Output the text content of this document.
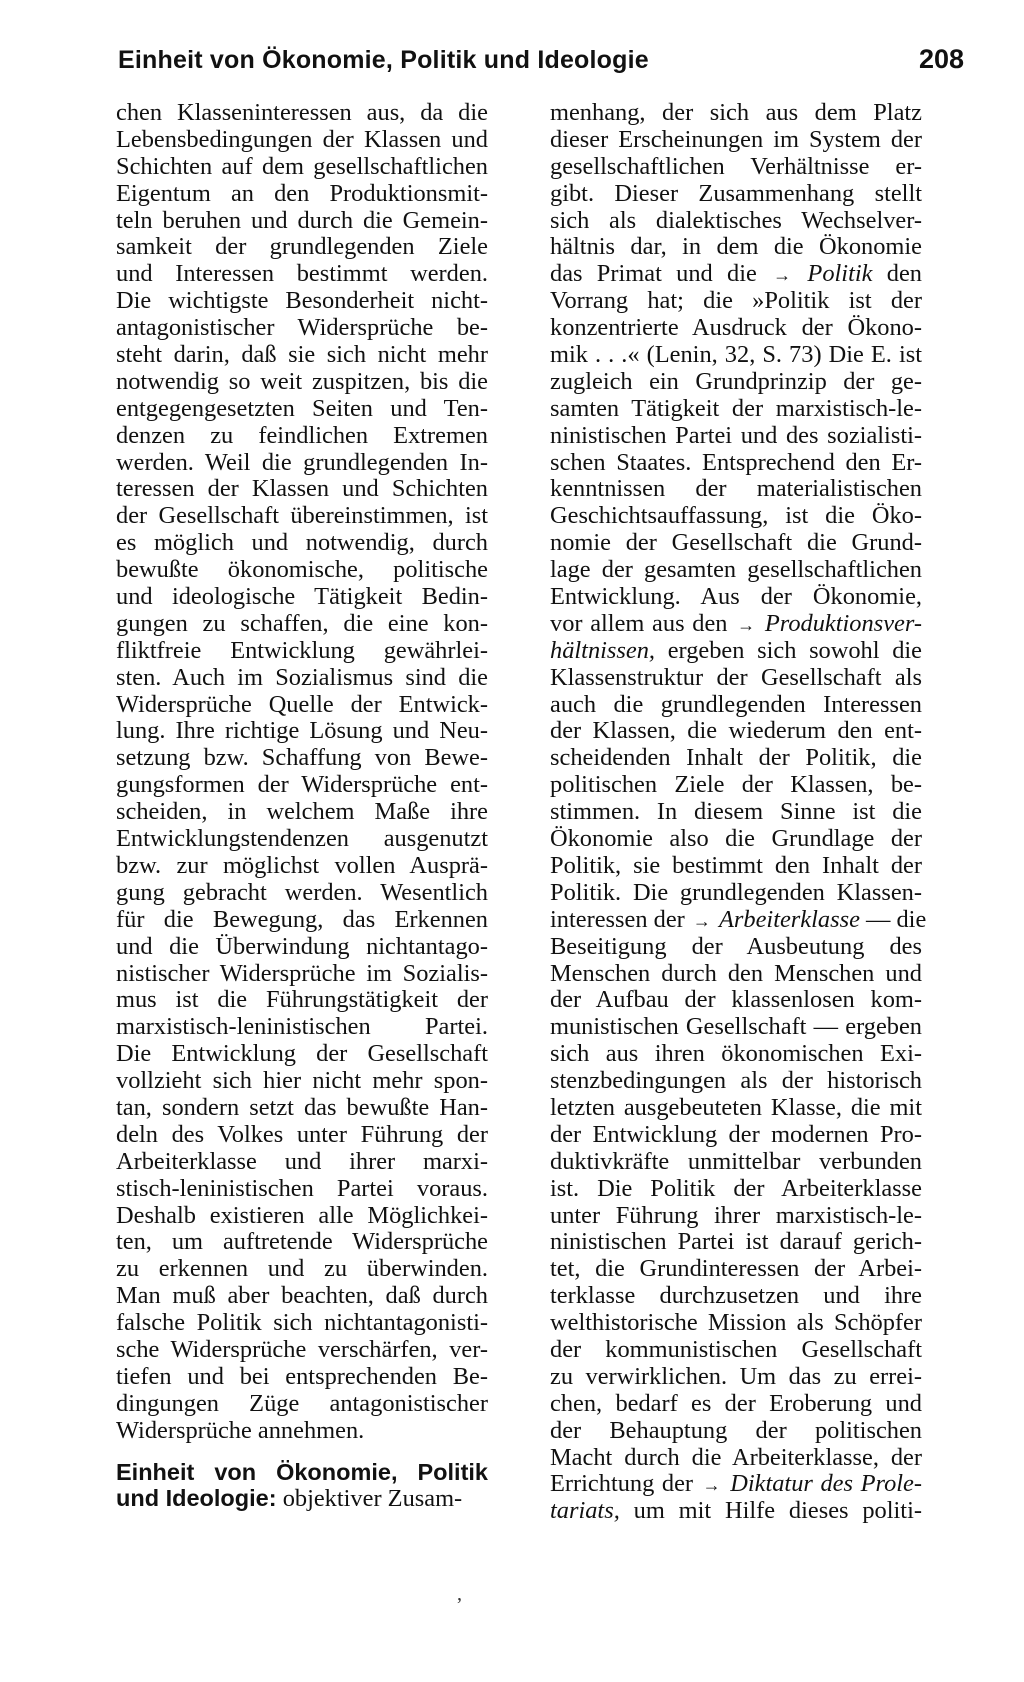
Einheit von Ökonomie, Politik und Ideologie	208
chen Klasseninteressen aus, da die
Lebensbedingungen der Klassen und
Schichten auf dem gesellschaftlichen
Eigentum an den Produktionsmit-
teln beruhen und durch die Gemein-
samkeit der grundlegenden Ziele
und Interessen bestimmt werden.
Die wichtigste Besonderheit nicht-
antagonistischer Widersprüche be-
steht darin, daß sie sich nicht mehr
notwendig so weit zuspitzen, bis die
entgegengesetzten Seiten und Ten-
denzen zu feindlichen Extremen
werden. Weil die grundlegenden In-
teressen der Klassen und Schichten
der Gesellschaft übereinstimmen, ist
es möglich und notwendig, durch
bewußte ökonomische, politische
und ideologische Tätigkeit Bedin-
gungen zu schaffen, die eine kon-
fliktfreie Entwicklung gewährlei-
sten. Auch im Sozialismus sind die
Widersprüche Quelle der Entwick-
lung. Ihre richtige Lösung und Neu-
setzung bzw. Schaffung von Bewe-
gungsformen der Widersprüche ent-
scheiden, in welchem Maße ihre
Entwicklungstendenzen ausgenutzt
bzw. zur möglichst vollen Ausprä-
gung gebracht werden. Wesentlich
für die Bewegung, das Erkennen
und die Überwindung nichtantago-
nistischer Widersprüche im Sozialis-
mus ist die Führungstätigkeit der
marxistisch-leninistischen Partei.
Die Entwicklung der Gesellschaft
vollzieht sich hier nicht mehr spon-
tan, sondern setzt das bewußte Han-
deln des Volkes unter Führung der
Arbeiterklasse und ihrer marxi-
stisch-leninistischen Partei voraus.
Deshalb existieren alle Möglichkei-
ten, um auftretende Widersprüche
zu erkennen und zu überwinden.
Man muß aber beachten, daß durch
falsche Politik sich nichtantagonisti-
sche Widersprüche verschärfen, ver-
tiefen und bei entsprechenden Be-
dingungen Züge antagonistischer
Widersprüche annehmen.
Einheit von Ökonomie, Politik
und Ideologie: objektiver Zusam-
menhang, der sich aus dem Platz
dieser Erscheinungen im System der
gesellschaftlichen Verhältnisse er-
gibt. Dieser Zusammenhang stellt
sich als dialektisches Wechselver-
hältnis dar, in dem die Ökonomie
das Primat und die → Politik den
Vorrang hat; die »Politik ist der
konzentrierte Ausdruck der Ökono-
mik . . .« (Lenin, 32, S. 73) Die E. ist
zugleich ein Grundprinzip der ge-
samten Tätigkeit der marxistisch-le-
ninistischen Partei und des sozialisti-
schen Staates. Entsprechend den Er-
kenntnissen der materialistischen
Geschichtsauffassung, ist die Öko-
nomie der Gesellschaft die Grund-
lage der gesamten gesellschaftlichen
Entwicklung. Aus der Ökonomie,
vor allem aus den → Produktionsver-
hältnissen, ergeben sich sowohl die
Klassenstruktur der Gesellschaft als
auch die grundlegenden Interessen
der Klassen, die wiederum den ent-
scheidenden Inhalt der Politik, die
politischen Ziele der Klassen, be-
stimmen. In diesem Sinne ist die
Ökonomie also die Grundlage der
Politik, sie bestimmt den Inhalt der
Politik. Die grundlegenden Klassen-
interessen der → Arbeiterklasse — die
Beseitigung der Ausbeutung des
Menschen durch den Menschen und
der Aufbau der klassenlosen kom-
munistischen Gesellschaft — ergeben
sich aus ihren ökonomischen Exi-
stenzbedingungen als der historisch
letzten ausgebeuteten Klasse, die mit
der Entwicklung der modernen Pro-
duktivkräfte unmittelbar verbunden
ist. Die Politik der Arbeiterklasse
unter Führung ihrer marxistisch-le-
ninistischen Partei ist darauf gerich-
tet, die Grundinteressen der Arbei-
terklasse durchzusetzen und ihre
welthistorische Mission als Schöpfer
der kommunistischen Gesellschaft
zu verwirklichen. Um das zu errei-
chen, bedarf es der Eroberung und
der Behauptung der politischen
Macht durch die Arbeiterklasse, der
Errichtung der → Diktatur des Prole-
tariats, um mit Hilfe dieses politi-
’
